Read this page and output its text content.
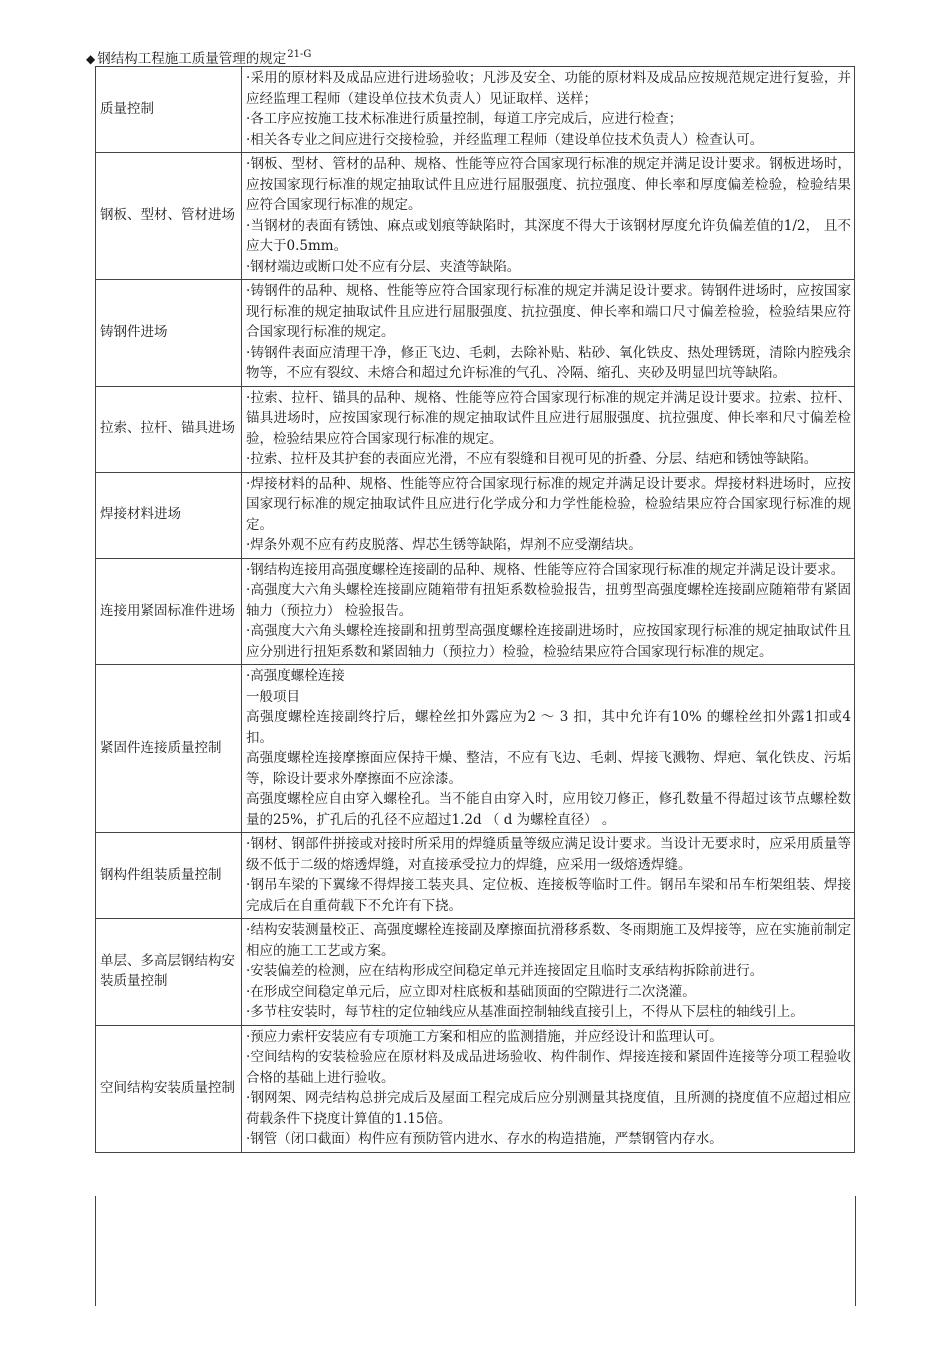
◆ 钢结构工程施工质量管理的规定$^{21-G}$
质量控制	·采用的原材料及成品应进行进场验收；凡涉及安全、功能的原材料及成品应按规范规定进行复验，并应经监理工程师（建设单位技术负责人）见证取样、送样；
·各工序应按施工技术标准进行质量控制，每道工序完成后，应进行检查；
·相关各专业之间应进行交接检验，并经监理工程师（建设单位技术负责人）检查认可。

钢板、型材、管材进场	·钢板、型材、管材的品种、规格、性能等应符合国家现行标准的规定并满足设计要求。钢板进场时，应按国家现行标准的规定抽取试件且应进行屈服强度、抗拉强度、伸长率和厚度偏差检验，检验结果应符合国家现行标准的规定。
·当钢材的表面有锈蚀、麻点或划痕等缺陷时，其深度不得大于该钢材厚度允许负偏差值的1/2， 且不应大于0.5mm。
·钢材端边或断口处不应有分层、夹渣等缺陷。

铸钢件进场	·铸钢件的品种、规格、性能等应符合国家现行标准的规定并满足设计要求。铸钢件进场时，应按国家现行标准的规定抽取试件且应进行屈服强度、抗拉强度、伸长率和端口尺寸偏差检验，检验结果应符合国家现行标准的规定。
·铸钢件表面应清理干净，修正飞边、毛刺，去除补贴、粘砂、氧化铁皮、热处理锈斑，清除内腔残余物等，不应有裂纹、未熔合和超过允许标准的气孔、冷隔、缩孔、夹砂及明显凹坑等缺陷。

拉索、拉杆、锚具进场	·拉索、拉杆、锚具的品种、规格、性能等应符合国家现行标准的规定并满足设计要求。拉索、拉杆、锚具进场时，应按国家现行标准的规定抽取试件且应进行屈服强度、抗拉强度、伸长率和尺寸偏差检验，检验结果应符合国家现行标准的规定。
·拉索、拉杆及其护套的表面应光滑，不应有裂缝和目视可见的折叠、分层、结疤和锈蚀等缺陷。

焊接材料进场	·焊接材料的品种、规格、性能等应符合国家现行标准的规定并满足设计要求。焊接材料进场时，应按国家现行标准的规定抽取试件且应进行化学成分和力学性能检验，检验结果应符合国家现行标准的规定。
·焊条外观不应有药皮脱落、焊芯生锈等缺陷，焊剂不应受潮结块。

连接用紧固标准件进场	·钢结构连接用高强度螺栓连接副的品种、规格、性能等应符合国家现行标准的规定并满足设计要求。
·高强度大六角头螺栓连接副应随箱带有扭矩系数检验报告，扭剪型高强度螺栓连接副应随箱带有紧固轴力（预拉力） 检验报告。
·高强度大六角头螺栓连接副和扭剪型高强度螺栓连接副进场时，应按国家现行标准的规定抽取试件且应分别进行扭矩系数和紧固轴力（预拉力）检验，检验结果应符合国家现行标准的规定。

紧固件连接质量控制	·高强度螺栓连接
一般项目
高强度螺栓连接副终拧后，螺栓丝扣外露应为2 ～ 3 扣，其中允许有10% 的螺栓丝扣外露1扣或4扣。
高强度螺栓连接摩擦面应保持干燥、整洁，不应有飞边、毛刺、焊接飞溅物、焊疤、氧化铁皮、污垢等，除设计要求外摩擦面不应涂漆。
高强度螺栓应自由穿入螺栓孔。当不能自由穿入时，应用铰刀修正，修孔数量不得超过该节点螺栓数量的25%，扩孔后的孔径不应超过1.2d （ d 为螺栓直径） 。

钢构件组装质量控制	·钢材、钢部件拼接或对接时所采用的焊缝质量等级应满足设计要求。当设计无要求时，应采用质量等级不低于二级的熔透焊缝，对直接承受拉力的焊缝，应采用一级熔透焊缝。
·钢吊车梁的下翼缘不得焊接工装夹具、定位板、连接板等临时工件。钢吊车梁和吊车桁架组装、焊接完成后在自重荷载下不允许有下挠。

单层、多高层钢结构安装质量控制	·结构安装测量校正、高强度螺栓连接副及摩擦面抗滑移系数、冬雨期施工及焊接等，应在实施前制定相应的施工工艺或方案。
·安装偏差的检测，应在结构形成空间稳定单元并连接固定且临时支承结构拆除前进行。
·在形成空间稳定单元后，应立即对柱底板和基础顶面的空隙进行二次浇灌。
·多节柱安装时，每节柱的定位轴线应从基准面控制轴线直接引上，不得从下层柱的轴线引上。

空间结构安装质量控制	·预应力索杆安装应有专项施工方案和相应的监测措施，并应经设计和监理认可。
·空间结构的安装检验应在原材料及成品进场验收、构件制作、焊接连接和紧固件连接等分项工程验收合格的基础上进行验收。
·钢网架、网壳结构总拼完成后及屋面工程完成后应分别测量其挠度值，且所测的挠度值不应超过相应荷载条件下挠度计算值的1.15倍。
·钢管（闭口截面）构件应有预防管内进水、存水的构造措施，严禁钢管内存水。
